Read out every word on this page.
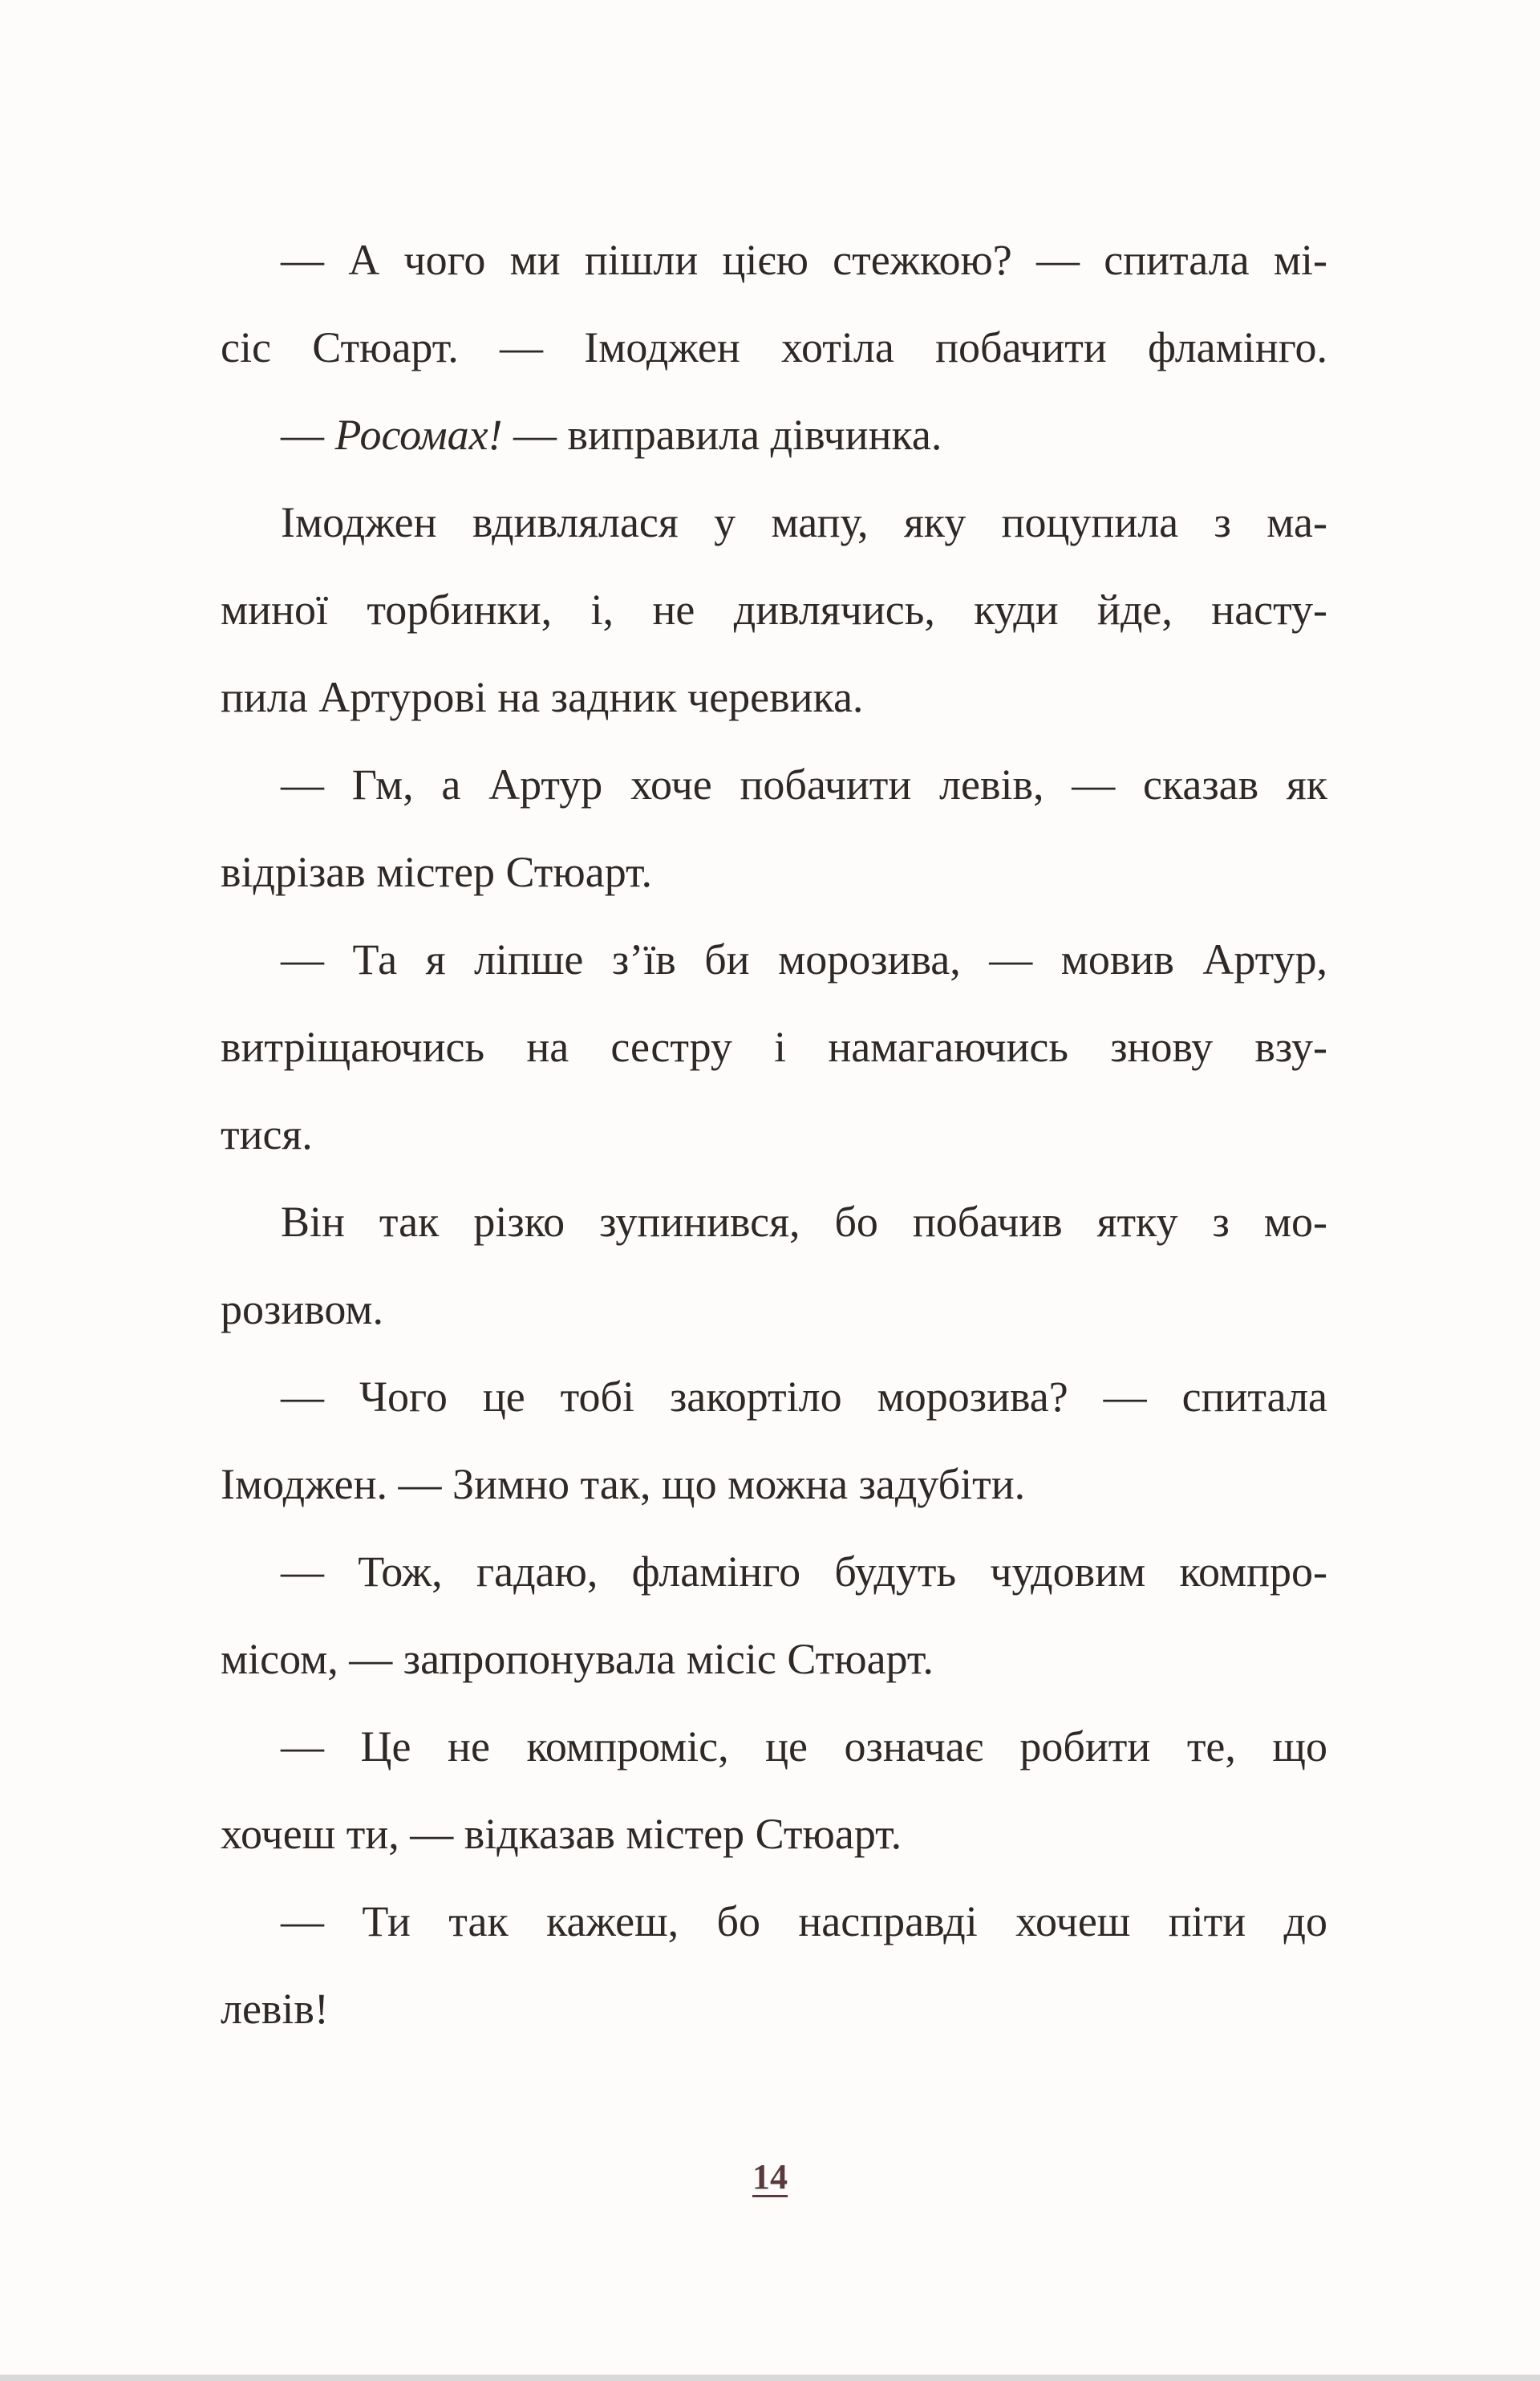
— А чого ми пішли цією стежкою? — спитала мі-
сіс Стюарт. — Імоджен хотіла побачити фламінго.
— Росомах! — виправила дівчинка.
Імоджен вдивлялася у мапу, яку поцупила з ма-
миної торбинки, і, не дивлячись, куди йде, насту-
пила Артурові на задник черевика.
— Гм, а Артур хоче побачити левів, — сказав як
відрізав містер Стюарт.
— Та я ліпше з’їв би морозива, — мовив Артур,
витріщаючись на сестру і намагаючись знову взу-
тися.
Він так різко зупинився, бо побачив ятку з мо-
розивом.
— Чого це тобі закортіло морозива? — спитала
Імоджен. — Зимно так, що можна задубіти.
— Тож, гадаю, фламінго будуть чудовим компро-
місом, — запропонувала місіс Стюарт.
— Це не компроміс, це означає робити те, що
хочеш ти, — відказав містер Стюарт.
— Ти так кажеш, бо насправді хочеш піти до
левів!
14
